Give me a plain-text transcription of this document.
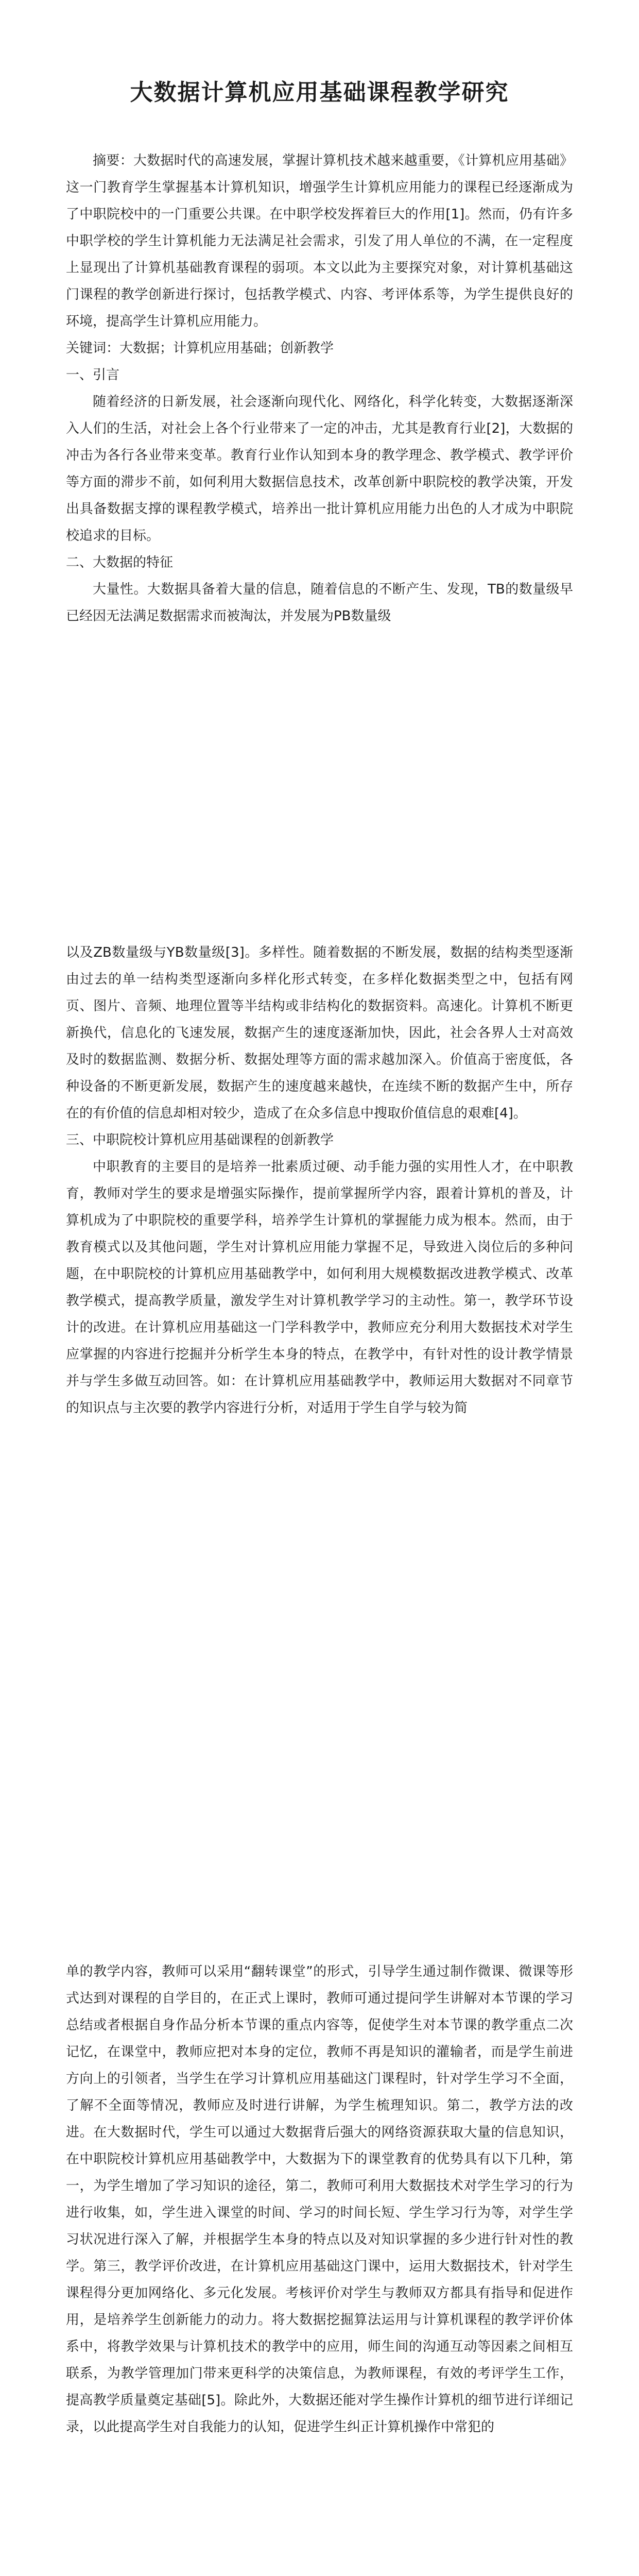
大数据计算机应用基础课程教学研究

摘要：大数据时代的高速发展，掌握计算机技术越来越重要，《计算机应用基础》这一门教育学生掌握基本计算机知识，增强学生计算机应用能力的课程已经逐渐成为了中职院校中的一门重要公共课。在中职学校发挥着巨大的作用[1]。然而，仍有许多中职学校的学生计算机能力无法满足社会需求，引发了用人单位的不满，在一定程度上显现出了计算机基础教育课程的弱项。本文以此为主要探究对象，对计算机基础这门课程的教学创新进行探讨，包括教学模式、内容、考评体系等，为学生提供良好的环境，提高学生计算机应用能力。

关键词：大数据；计算机应用基础；创新教学

一、引言

随着经济的日新发展，社会逐渐向现代化、网络化，科学化转变，大数据逐渐深入人们的生活，对社会上各个行业带来了一定的冲击，尤其是教育行业[2]，大数据的冲击为各行各业带来变革。教育行业作认知到本身的教学理念、教学模式、教学评价等方面的滞步不前，如何利用大数据信息技术，改革创新中职院校的教学决策，开发出具备数据支撑的课程教学模式，培养出一批计算机应用能力出色的人才成为中职院校追求的目标。

二、大数据的特征

大量性。大数据具备着大量的信息，随着信息的不断产生、发现，TB的数量级早已经因无法满足数据需求而被淘汰，并发展为PB数量级

以及ZB数量级与YB数量级[3]。多样性。随着数据的不断发展，数据的结构类型逐渐由过去的单一结构类型逐渐向多样化形式转变，在多样化数据类型之中，包括有网页、图片、音频、地理位置等半结构或非结构化的数据资料。高速化。计算机不断更新换代，信息化的飞速发展，数据产生的速度逐渐加快，因此，社会各界人士对高效及时的数据监测、数据分析、数据处理等方面的需求越加深入。价值高于密度低，各种设备的不断更新发展，数据产生的速度越来越快，在连续不断的数据产生中，所存在的有价值的信息却相对较少，造成了在众多信息中搜取价值信息的艰难[4]。

三、中职院校计算机应用基础课程的创新教学

中职教育的主要目的是培养一批素质过硬、动手能力强的实用性人才，在中职教育，教师对学生的要求是增强实际操作，提前掌握所学内容，跟着计算机的普及，计算机成为了中职院校的重要学科，培养学生计算机的掌握能力成为根本。然而，由于教育模式以及其他问题，学生对计算机应用能力掌握不足，导致进入岗位后的多种问题，在中职院校的计算机应用基础教学中，如何利用大规模数据改进教学模式、改革教学模式，提高教学质量，激发学生对计算机教学学习的主动性。第一，教学环节设计的改进。在计算机应用基础这一门学科教学中，教师应充分利用大数据技术对学生应掌握的内容进行挖掘并分析学生本身的特点，在教学中，有针对性的设计教学情景并与学生多做互动回答。如：在计算机应用基础教学中，教师运用大数据对不同章节的知识点与主次要的教学内容进行分析，对适用于学生自学与较为简

单的教学内容，教师可以采用“翻转课堂”的形式，引导学生通过制作微课、微课等形式达到对课程的自学目的，在正式上课时，教师可通过提问学生讲解对本节课的学习总结或者根据自身作品分析本节课的重点内容等，促使学生对本节课的教学重点二次记忆，在课堂中，教师应把对本身的定位，教师不再是知识的灌输者，而是学生前进方向上的引领者，当学生在学习计算机应用基础这门课程时，针对学生学习不全面，了解不全面等情况，教师应及时进行讲解，为学生梳理知识。第二，教学方法的改进。在大数据时代，学生可以通过大数据背后强大的网络资源获取大量的信息知识，在中职院校计算机应用基础教学中，大数据为下的课堂教育的优势具有以下几种，第一，为学生增加了学习知识的途径，第二，教师可利用大数据技术对学生学习的行为进行收集，如，学生进入课堂的时间、学习的时间长短、学生学习行为等，对学生学习状况进行深入了解，并根据学生本身的特点以及对知识掌握的多少进行针对性的教学。第三，教学评价改进，在计算机应用基础这门课中，运用大数据技术，针对学生课程得分更加网络化、多元化发展。考核评价对学生与教师双方都具有指导和促进作用，是培养学生创新能力的动力。将大数据挖掘算法运用与计算机课程的教学评价体系中，将教学效果与计算机技术的教学中的应用，师生间的沟通互动等因素之间相互联系，为教学管理加门带来更科学的决策信息，为教师课程，有效的考评学生工作，提高教学质量奠定基础[5]。除此外，大数据还能对学生操作计算机的细节进行详细记录，以此提高学生对自我能力的认知，促进学生纠正计算机操作中常犯的
